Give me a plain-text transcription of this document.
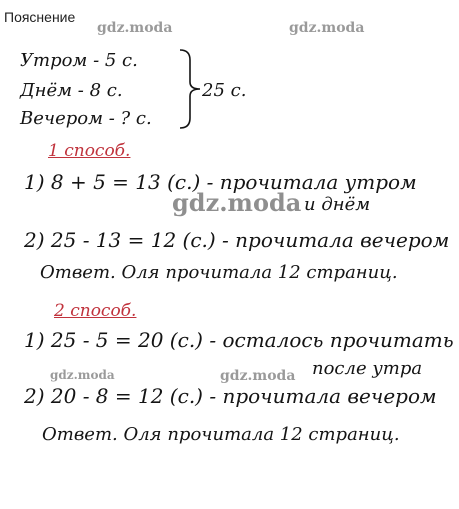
Пояснение
gdz.moda	gdz.moda
gdz.moda
gdz.moda	gdz.moda
Утром - 5 с.
Днём - 8 с.
Вечером - ? с.
25 с.
1 способ.
1) 8 + 5 = 13 (с.) - прочитала утром
и днём
2) 25 - 13 = 12 (с.) - прочитала вечером
Ответ. Оля прочитала 12 страниц.
2 способ.
1) 25 - 5 = 20 (с.) - осталось прочитать
после утра
2) 20 - 8 = 12 (с.) - прочитала вечером
Ответ. Оля прочитала 12 страниц.
